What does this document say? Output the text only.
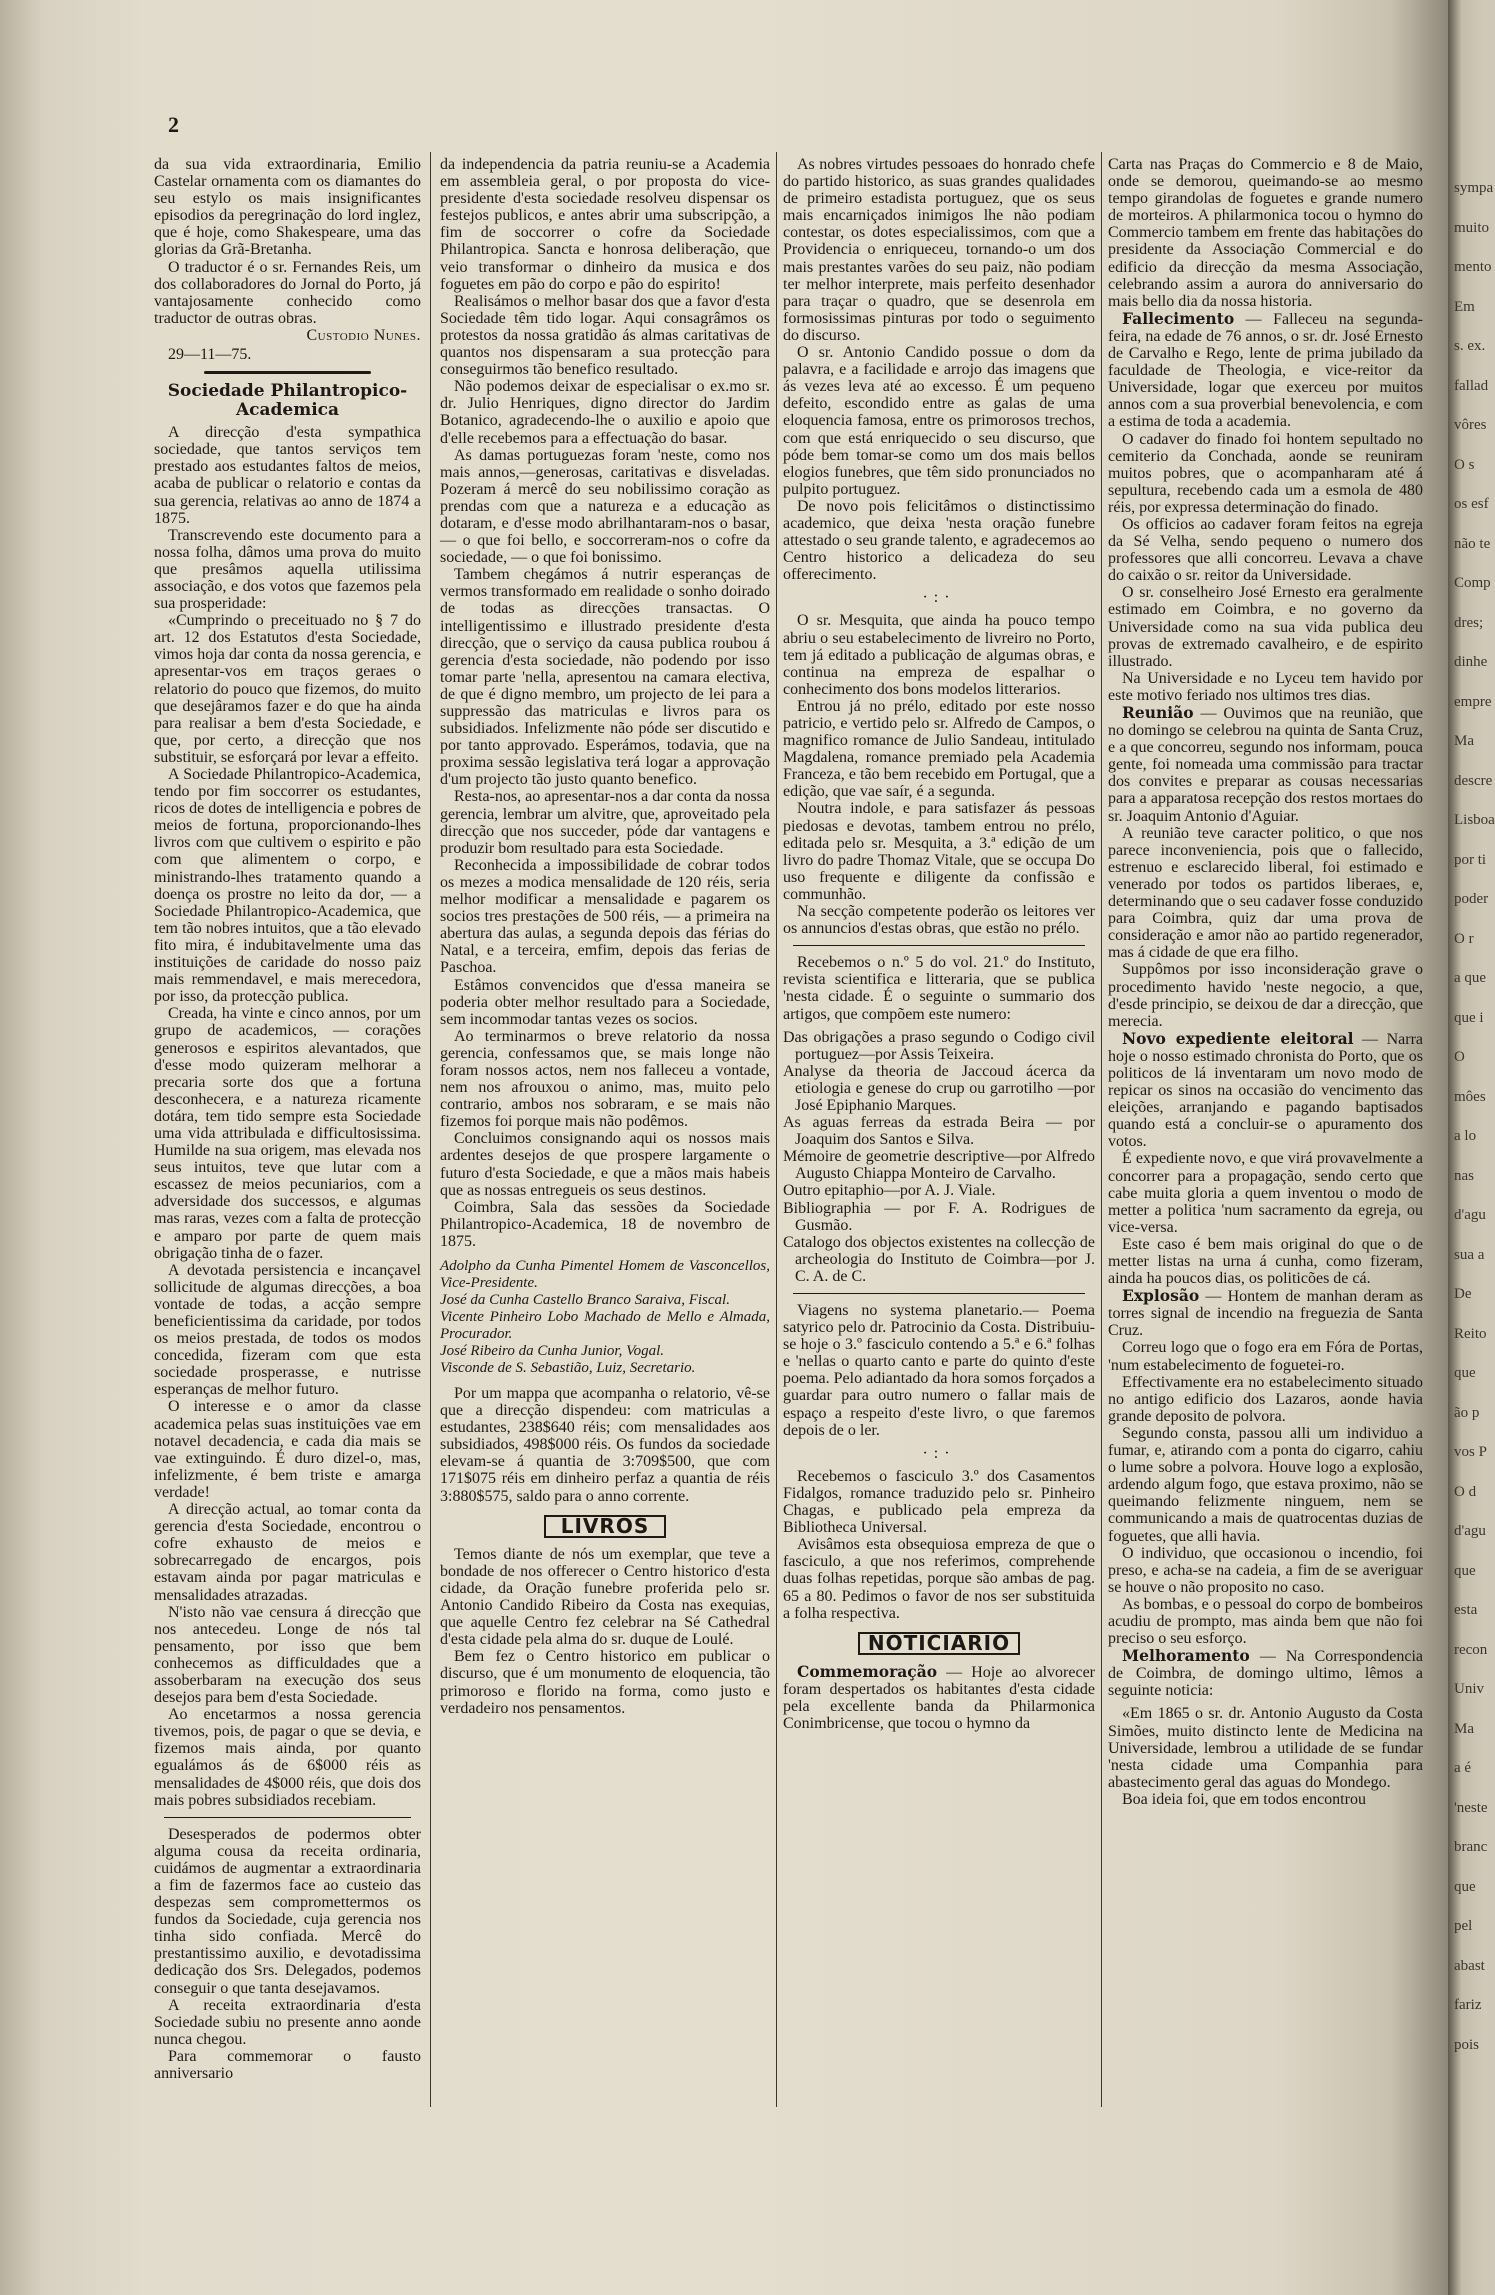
2

da sua vida extraordinaria, Emilio Castelar ornamenta com os diamantes do seu estylo os mais insignificantes episodios da peregrinação do lord inglez, que é hoje, como Shakespeare, uma das glorias da Grã-Bretanha.

O traductor é o sr. Fernandes Reis, um dos collaboradores do Jornal do Porto, já vantajosamente conhecido como traductor de outras obras.

Custodio Nunes.

29—11—75.

Sociedade Philantropico-Academica

A direcção d'esta sympathica sociedade, que tantos serviços tem prestado aos estudantes faltos de meios, acaba de publicar o relatorio e contas da sua gerencia, relativas ao anno de 1874 a 1875.

Transcrevendo este documento para a nossa folha, dâmos uma prova do muito que presâmos aquella utilissima associação, e dos votos que fazemos pela sua prosperidade:

«Cumprindo o preceituado no § 7 do art. 12 dos Estatutos d'esta Sociedade, vimos hoja dar conta da nossa gerencia, e apresentar-vos em traços geraes o relatorio do pouco que fizemos, do muito que desejâramos fazer e do que ha ainda para realisar a bem d'esta Sociedade, e que, por certo, a direcção que nos substituir, se esforçará por levar a effeito.

A Sociedade Philantropico-Academica, tendo por fim soccorrer os estudantes, ricos de dotes de intelligencia e pobres de meios de fortuna, proporcionando-lhes livros com que cultivem o espirito e pão com que alimentem o corpo, e ministrando-lhes tratamento quando a doença os prostre no leito da dor, — a Sociedade Philantropico-Academica, que tem tão nobres intuitos, que a tão elevado fito mira, é indubitavelmente uma das instituições de caridade do nosso paiz mais remmendavel, e mais merecedora, por isso, da protecção publica.

Creada, ha vinte e cinco annos, por um grupo de academicos, — corações generosos e espiritos alevantados, que d'esse modo quizeram melhorar a precaria sorte dos que a fortuna desconhecera, e a natureza ricamente dotára, tem tido sempre esta Sociedade uma vida attribulada e difficultosissima. Humilde na sua origem, mas elevada nos seus intuitos, teve que lutar com a escassez de meios pecuniarios, com a adversidade dos successos, e algumas mas raras, vezes com a falta de protecção e amparo por parte de quem mais obrigação tinha de o fazer.

A devotada persistencia e incançavel sollicitude de algumas direcções, a boa vontade de todas, a acção sempre beneficientissima da caridade, por todos os meios prestada, de todos os modos concedida, fizeram com que esta sociedade prosperasse, e nutrisse esperanças de melhor futuro.

O interesse e o amor da classe academica pelas suas instituições vae em notavel decadencia, e cada dia mais se vae extinguindo. É duro dizel-o, mas, infelizmente, é bem triste e amarga verdade!

A direcção actual, ao tomar conta da gerencia d'esta Sociedade, encontrou o cofre exhausto de meios e sobrecarregado de encargos, pois estavam ainda por pagar matriculas e mensalidades atrazadas.

N'isto não vae censura á direcção que nos antecedeu. Longe de nós tal pensamento, por isso que bem conhecemos as difficuldades que a assoberbaram na execução dos seus desejos para bem d'esta Sociedade.

Ao encetarmos a nossa gerencia tivemos, pois, de pagar o que se devia, e fizemos mais ainda, por quanto egualámos ás de 6$000 réis as mensalidades de 4$000 réis, que dois dos mais pobres subsidiados recebiam.

Desesperados de podermos obter alguma cousa da receita ordinaria, cuidámos de augmentar a extraordinaria a fim de fazermos face ao custeio das despezas sem compromettermos os fundos da Sociedade, cuja gerencia nos tinha sido confiada. Mercê do prestantissimo auxilio, e devotadissima dedicação dos Srs. Delegados, podemos conseguir o que tanta desejavamos.

A receita extraordinaria d'esta Sociedade subiu no presente anno aonde nunca chegou.

Para commemorar o fausto anniversario

da independencia da patria reuniu-se a Academia em assembleia geral, o por proposta do vice-presidente d'esta sociedade resolveu dispensar os festejos publicos, e antes abrir uma subscripção, a fim de soccorrer o cofre da Sociedade Philantropica. Sancta e honrosa deliberação, que veio transformar o dinheiro da musica e dos foguetes em pão do corpo e pão do espirito!

Realisámos o melhor basar dos que a favor d'esta Sociedade têm tido logar. Aqui consagrâmos os protestos da nossa gratidão ás almas caritativas de quantos nos dispensaram a sua protecção para conseguirmos tão benefico resultado.

Não podemos deixar de especialisar o ex.mo sr. dr. Julio Henriques, digno director do Jardim Botanico, agradecendo-lhe o auxilio e apoio que d'elle recebemos para a effectuação do basar.

As damas portuguezas foram 'neste, como nos mais annos,—generosas, caritativas e disveladas. Pozeram á mercê do seu nobilissimo coração as prendas com que a natureza e a educação as dotaram, e d'esse modo abrilhantaram-nos o basar, — o que foi bello, e soccorreram-nos o cofre da sociedade, — o que foi bonissimo.

Tambem chegámos á nutrir esperanças de vermos transformado em realidade o sonho doirado de todas as direcções transactas. O intelligentissimo e illustrado presidente d'esta direcção, que o serviço da causa publica roubou á gerencia d'esta sociedade, não podendo por isso tomar parte 'nella, apresentou na camara electiva, de que é digno membro, um projecto de lei para a suppressão das matriculas e livros para os subsidiados. Infelizmente não póde ser discutido e por tanto approvado. Esperámos, todavia, que na proxima sessão legislativa terá logar a approvação d'um projecto tão justo quanto benefico.

Resta-nos, ao apresentar-nos a dar conta da nossa gerencia, lembrar um alvitre, que, aproveitado pela direcção que nos succeder, póde dar vantagens e produzir bom resultado para esta Sociedade.

Reconhecida a impossibilidade de cobrar todos os mezes a modica mensalidade de 120 réis, seria melhor modificar a mensalidade e pagarem os socios tres prestações de 500 réis, — a primeira na abertura das aulas, a segunda depois das férias do Natal, e a terceira, emfim, depois das ferias de Paschoa.

Estâmos convencidos que d'essa maneira se poderia obter melhor resultado para a Sociedade, sem incommodar tantas vezes os socios.

Ao terminarmos o breve relatorio da nossa gerencia, confessamos que, se mais longe não foram nossos actos, nem nos falleceu a vontade, nem nos afrouxou o animo, mas, muito pelo contrario, ambos nos sobraram, e se mais não fizemos foi porque mais não podêmos.

Concluimos consignando aqui os nossos mais ardentes desejos de que prospere largamente o futuro d'esta Sociedade, e que a mãos mais habeis que as nossas entregueis os seus destinos.

Coimbra, Sala das sessões da Sociedade Philantropico-Academica, 18 de novembro de 1875.

Adolpho da Cunha Pimentel Homem de Vasconcellos, Vice-Presidente.

José da Cunha Castello Branco Saraiva, Fiscal.

Vicente Pinheiro Lobo Machado de Mello e Almada, Procurador.

José Ribeiro da Cunha Junior, Vogal.

Visconde de S. Sebastião, Luiz, Secretario.

Por um mappa que acompanha o relatorio, vê-se que a direcção dispendeu: com matriculas a estudantes, 238$640 réis; com mensalidades aos subsidiados, 498$000 réis. Os fundos da sociedade elevam-se á quantia de 3:709$500, que com 171$075 réis em dinheiro perfaz a quantia de réis 3:880$575, saldo para o anno corrente.

LIVROS

Temos diante de nós um exemplar, que teve a bondade de nos offerecer o Centro historico d'esta cidade, da Oração funebre proferida pelo sr. Antonio Candido Ribeiro da Costa nas exequias, que aquelle Centro fez celebrar na Sé Cathedral d'esta cidade pela alma do sr. duque de Loulé.

Bem fez o Centro historico em publicar o discurso, que é um monumento de eloquencia, tão primoroso e florido na forma, como justo e verdadeiro nos pensamentos.

As nobres virtudes pessoaes do honrado chefe do partido historico, as suas grandes qualidades de primeiro estadista portuguez, que os seus mais encarniçados inimigos lhe não podiam contestar, os dotes especialissimos, com que a Providencia o enriqueceu, tornando-o um dos mais prestantes varões do seu paiz, não podiam ter melhor interprete, mais perfeito desenhador para traçar o quadro, que se desenrola em formosissimas pinturas por todo o seguimento do discurso.

O sr. Antonio Candido possue o dom da palavra, e a facilidade e arrojo das imagens que ás vezes leva até ao excesso. É um pequeno defeito, escondido entre as galas de uma eloquencia famosa, entre os primorosos trechos, com que está enriquecido o seu discurso, que póde bem tomar-se como um dos mais bellos elogios funebres, que têm sido pronunciados no pulpito portuguez.

De novo pois felicitâmos o distinctissimo academico, que deixa 'nesta oração funebre attestado o seu grande talento, e agradecemos ao Centro historico a delicadeza do seu offerecimento.

·:·

O sr. Mesquita, que ainda ha pouco tempo abriu o seu estabelecimento de livreiro no Porto, tem já editado a publicação de algumas obras, e continua na empreza de espalhar o conhecimento dos bons modelos litterarios.

Entrou já no prélo, editado por este nosso patricio, e vertido pelo sr. Alfredo de Campos, o magnifico romance de Julio Sandeau, intitulado Magdalena, romance premiado pela Academia Franceza, e tão bem recebido em Portugal, que a edição, que vae saír, é a segunda.

Noutra indole, e para satisfazer ás pessoas piedosas e devotas, tambem entrou no prélo, editada pelo sr. Mesquita, a 3.ª edição de um livro do padre Thomaz Vitale, que se occupa Do uso frequente e diligente da confissão e communhão.

Na secção competente poderão os leitores ver os annuncios d'estas obras, que estão no prélo.

Recebemos o n.º 5 do vol. 21.º do Instituto, revista scientifica e litteraria, que se publica 'nesta cidade. É o seguinte o summario dos artigos, que compõem este numero:

Das obrigações a praso segundo o Codigo civil portuguez—por Assis Teixeira.

Analyse da theoria de Jaccoud ácerca da etiologia e genese do crup ou garrotilho —por José Epiphanio Marques.

As aguas ferreas da estrada Beira — por Joaquim dos Santos e Silva.

Mémoire de geometrie descriptive—por Alfredo Augusto Chiappa Monteiro de Carvalho.

Outro epitaphio—por A. J. Viale.

Bibliographia — por F. A. Rodrigues de Gusmão.

Catalogo dos objectos existentes na collecção de archeologia do Instituto de Coimbra—por J. C. A. de C.

Viagens no systema planetario.— Poema satyrico pelo dr. Patrocinio da Costa. Distribuiu-se hoje o 3.º fasciculo contendo a 5.ª e 6.ª folhas e 'nellas o quarto canto e parte do quinto d'este poema. Pelo adiantado da hora somos forçados a guardar para outro numero o fallar mais de espaço a respeito d'este livro, o que faremos depois de o ler.

·:·

Recebemos o fasciculo 3.º dos Casamentos Fidalgos, romance traduzido pelo sr. Pinheiro Chagas, e publicado pela empreza da Bibliotheca Universal.

Avisâmos esta obsequiosa empreza de que o fasciculo, a que nos referimos, comprehende duas folhas repetidas, porque são ambas de pag. 65 a 80. Pedimos o favor de nos ser substituida a folha respectiva.

NOTICIARIO

Commemoração — Hoje ao alvorecer foram despertados os habitantes d'esta cidade pela excellente banda da Philarmonica Conimbricense, que tocou o hymno da

Carta nas Praças do Commercio e 8 de Maio, onde se demorou, queimando-se ao mesmo tempo girandolas de foguetes e grande numero de morteiros. A philarmonica tocou o hymno do Commercio tambem em frente das habitações do presidente da Associação Commercial e do edificio da direcção da mesma Associação, celebrando assim a aurora do anniversario do mais bello dia da nossa historia.

Fallecimento — Falleceu na segunda-feira, na edade de 76 annos, o sr. dr. José Ernesto de Carvalho e Rego, lente de prima jubilado da faculdade de Theologia, e vice-reitor da Universidade, logar que exerceu por muitos annos com a sua proverbial benevolencia, e com a estima de toda a academia.

O cadaver do finado foi hontem sepultado no cemiterio da Conchada, aonde se reuniram muitos pobres, que o acompanharam até á sepultura, recebendo cada um a esmola de 480 réis, por expressa determinação do finado.

Os officios ao cadaver foram feitos na egreja da Sé Velha, sendo pequeno o numero dos professores que alli concorreu. Levava a chave do caixão o sr. reitor da Universidade.

O sr. conselheiro José Ernesto era geralmente estimado em Coimbra, e no governo da Universidade como na sua vida publica deu provas de extremado cavalheiro, e de espirito illustrado.

Na Universidade e no Lyceu tem havido por este motivo feriado nos ultimos tres dias.

Reunião — Ouvimos que na reunião, que no domingo se celebrou na quinta de Santa Cruz, e a que concorreu, segundo nos informam, pouca gente, foi nomeada uma commissão para tractar dos convites e preparar as cousas necessarias para a apparatosa recepção dos restos mortaes do sr. Joaquim Antonio d'Aguiar.

A reunião teve caracter politico, o que nos parece inconveniencia, pois que o fallecido, estrenuo e esclarecido liberal, foi estimado e venerado por todos os partidos liberaes, e, determinando que o seu cadaver fosse conduzido para Coimbra, quiz dar uma prova de consideração e amor não ao partido regenerador, mas á cidade de que era filho.

Suppômos por isso inconsideração grave o procedimento havido 'neste negocio, a que, d'esde principio, se deixou de dar a direcção, que merecia.

Novo expediente eleitoral — Narra hoje o nosso estimado chronista do Porto, que os politicos de lá inventaram um novo modo de repicar os sinos na occasião do vencimento das eleições, arranjando e pagando baptisados quando está a concluir-se o apuramento dos votos.

É expediente novo, e que virá provavelmente a concorrer para a propagação, sendo certo que cabe muita gloria a quem inventou o modo de metter a politica 'num sacramento da egreja, ou vice-versa.

Este caso é bem mais original do que o de metter listas na urna á cunha, como fizeram, ainda ha poucos dias, os politicões de cá.

Explosão — Hontem de manhan deram as torres signal de incendio na freguezia de Santa Cruz.

Correu logo que o fogo era em Fóra de Portas, 'num estabelecimento de foguetei-ro.

Effectivamente era no estabelecimento situado no antigo edificio dos Lazaros, aonde havia grande deposito de polvora.

Segundo consta, passou alli um individuo a fumar, e, atirando com a ponta do cigarro, cahiu o lume sobre a polvora. Houve logo a explosão, ardendo algum fogo, que estava proximo, não se queimando felizmente ninguem, nem se communicando a mais de quatrocentas duzias de foguetes, que alli havia.

O individuo, que occasionou o incendio, foi preso, e acha-se na cadeia, a fim de se averiguar se houve o não proposito no caso.

As bombas, e o pessoal do corpo de bombeiros acudiu de prompto, mas ainda bem que não foi preciso o seu esforço.

Melhoramento — Na Correspondencia de Coimbra, de domingo ultimo, lêmos a seguinte noticia:

«Em 1865 o sr. dr. Antonio Augusto da Costa Simões, muito distincto lente de Medicina na Universidade, lembrou a utilidade de se fundar 'nesta cidade uma Companhia para abastecimento geral das aguas do Mondego.

Boa ideia foi, que em todos encontrou

sympa
muito
mento
Em
s. ex.
fallad
vôres
O s
os esf
não te
Comp
dres;
dinhe
empre
Ma
descre
Lisboa
por ti
poder
O r
a que
que i
O
môes
a lo
nas
d'agu
sua a
De
Reito
que
ão p
vos P
O d
d'agu
que
esta
recon
Univ
Ma
a é
'neste
branc
que
pel
abast
fariz
pois
